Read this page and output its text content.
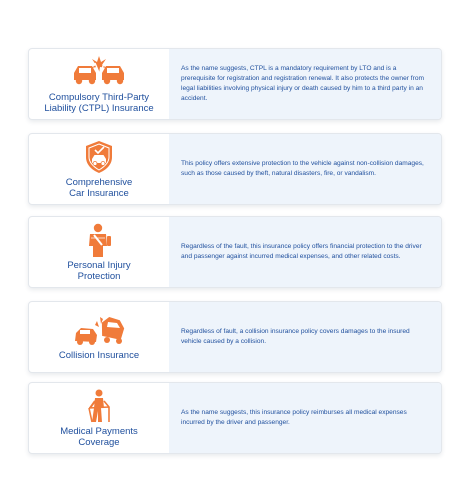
Compulsory Third-Party
Liability (CTPL) Insurance
As the name suggests, CTPL is a mandatory requirement by LTO and is a prerequisite for registration and registration renewal. It also protects the owner from legal liabilities involving physical injury or death caused by him to a third party in an accident.
Comprehensive
Car Insurance
This policy offers extensive protection to the vehicle against non-collision damages, such as those caused by theft, natural disasters, fire, or vandalism.
Personal Injury
Protection
Regardless of the fault, this insurance policy offers financial protection to the driver and passenger against incurred medical expenses, and other related costs.
Collision Insurance
Regardless of fault, a collision insurance policy covers damages to the insured vehicle caused by a collision.
Medical Payments
Coverage
As the name suggests, this insurance policy reimburses all medical expenses incurred by the driver and passenger.
